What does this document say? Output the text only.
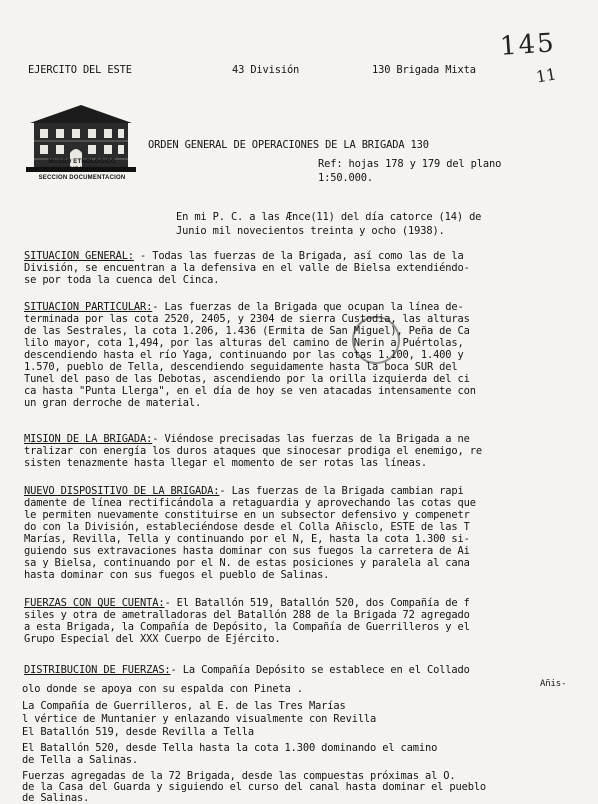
145
11
EJERCITO DEL ESTE	43 División	130 Brigada Mixta
MUSEO ETNOLOGICO
MUNICIPAL BIELSA
SECCION DOCUMENTACION
ORDEN GENERAL DE OPERACIONES DE LA BRIGADA 130
Ref: hojas 178 y 179 del plano
1:50.000.
En mi P. C. a las Ænce(11) del día catorce (14) de
Junio mil novecientos treinta y ocho (1938).
SITUACION GENERAL: - Todas las fuerzas de la Brigada, así como las de la
División, se encuentran a la defensiva en el valle de Bielsa extendiéndo-
se por toda la cuenca del Cinca.
SITUACION PARTICULAR:- Las fuerzas de la Brigada que ocupan la línea de-
terminada por las cota 2520, 2405, y 2304 de sierra Custodia, las alturas
de las Sestrales, la cota 1.206, 1.436 (Ermita de San Miguel), Peña de Ca
lilo mayor, cota 1,494, por las alturas del camino de Nerin a Puértolas,
descendiendo hasta el río Yaga, continuando por las cotas 1.100, 1.400 y
1.570, pueblo de Tella, descendiendo seguidamente hasta la boca SUR del
Tunel del paso de las Debotas, ascendiendo por la orilla izquierda del ci
ca hasta "Punta Llerga", en el día de hoy se ven atacadas intensamente con
un gran derroche de material.
MISION DE LA BRIGADA:- Viéndose precisadas las fuerzas de la Brigada a ne
tralizar con energía los duros ataques que sinocesar prodiga el enemigo, re
sisten tenazmente hasta llegar el momento de ser rotas las líneas.
NUEVO DISPOSITIVO DE LA BRIGADA:- Las fuerzas de la Brigada cambian rapi
damente de línea rectificándola a retaguardia y aprovechando las cotas que
le permiten nuevamente constituirse en un subsector defensivo y compenetr
do con la División, estableciéndose desde el Colla Añisclo, ESTE de las T
Marías, Revilla, Tella y continuando por el N, E, hasta la cota 1.300 si-
guiendo sus extravaciones hasta dominar con sus fuegos la carretera de Ai
sa y Bielsa, continuando por el N. de estas posiciones y paralela al cana
hasta dominar con sus fuegos el pueblo de Salinas.
FUERZAS CON QUE CUENTA:- El Batallón 519, Batallón 520, dos Compañía de f
siles y otra de ametralladoras del Batallón 288 de la Brigada 72 agregado
a esta Brigada, la Compañía de Depósito, la Compañía de Guerrilleros y el
Grupo Especial del XXX Cuerpo de Ejército.
DISTRIBUCION DE FUERZAS:- La Compañía Depósito se establece en el Collado
Añis-
olo donde se apoya con su espalda con Pineta .
La Compañía de Guerrilleros, al E. de las Tres Marías
l vértice de Muntanier y enlazando visualmente con Revilla
El Batallón 519, desde Revilla a Tella
El Batallón 520, desde Tella hasta la cota 1.300 dominando el camino
de Tella a Salinas.
Fuerzas agregadas de la 72 Brigada, desde las compuestas próximas al O.
de la Casa del Guarda y siguiendo el curso del canal hasta dominar el pueblo
de Salinas.
